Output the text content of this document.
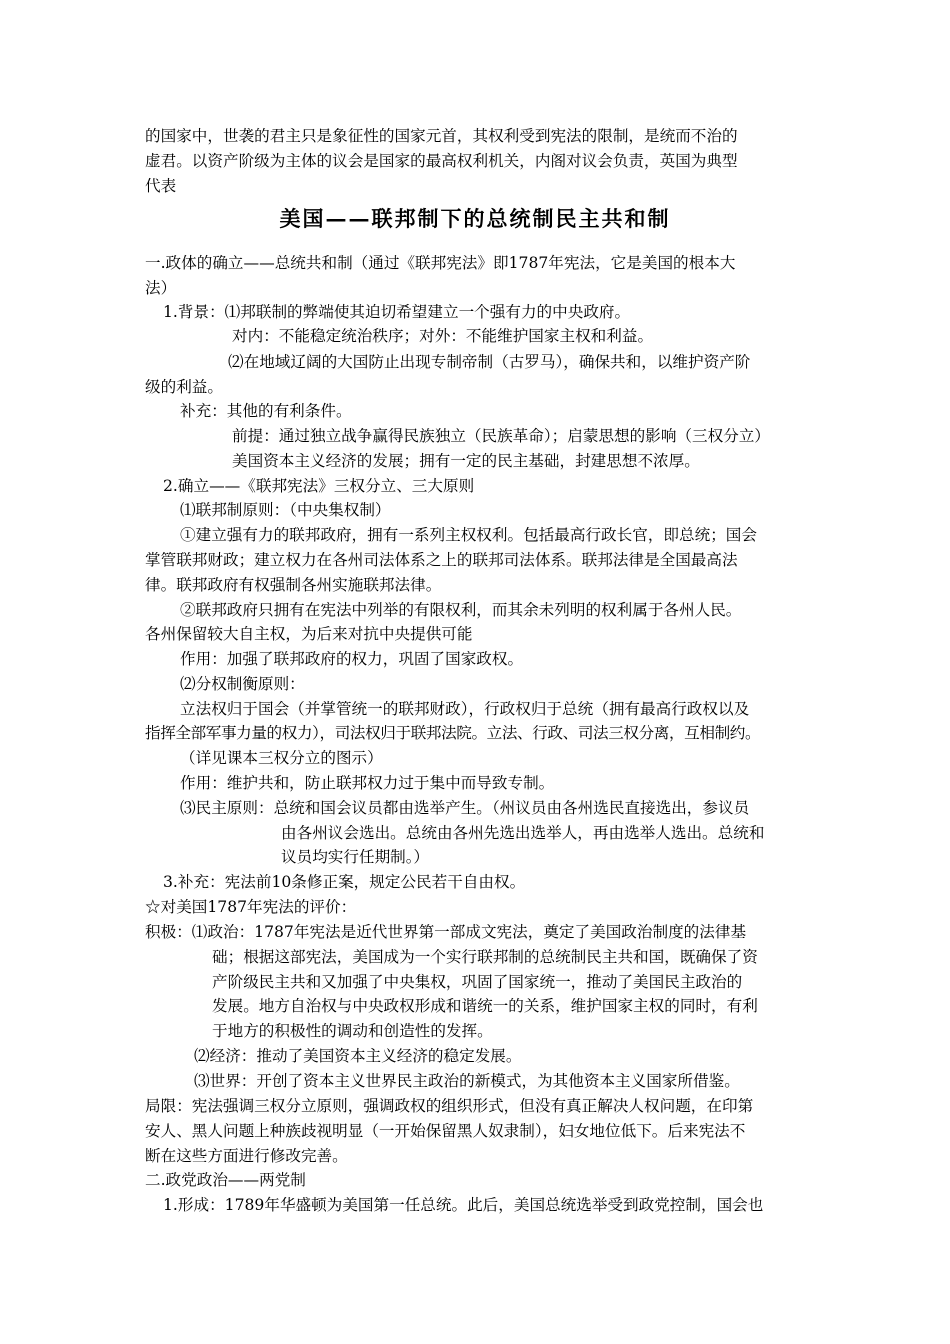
的国家中，世袭的君主只是象征性的国家元首，其权利受到宪法的限制，是统而不治的
虚君。以资产阶级为主体的议会是国家的最高权利机关，内阁对议会负责，英国为典型
代表
美国——联邦制下的总统制民主共和制
一.政体的确立——总统共和制（通过《联邦宪法》即1787年宪法，它是美国的根本大
法）
1.背景：⑴邦联制的弊端使其迫切希望建立一个强有力的中央政府。
对内：不能稳定统治秩序；对外：不能维护国家主权和利益。
⑵在地域辽阔的大国防止出现专制帝制（古罗马），确保共和，以维护资产阶
级的利益。
补充：其他的有利条件。
前提：通过独立战争赢得民族独立（民族革命）；启蒙思想的影响（三权分立）
美国资本主义经济的发展；拥有一定的民主基础，封建思想不浓厚。
2.确立——《联邦宪法》三权分立、三大原则
⑴联邦制原则：（中央集权制）
①建立强有力的联邦政府，拥有一系列主权权利。包括最高行政长官，即总统；国会
掌管联邦财政；建立权力在各州司法体系之上的联邦司法体系。联邦法律是全国最高法
律。联邦政府有权强制各州实施联邦法律。
②联邦政府只拥有在宪法中列举的有限权利，而其余未列明的权利属于各州人民。
各州保留较大自主权，为后来对抗中央提供可能
作用：加强了联邦政府的权力，巩固了国家政权。
⑵分权制衡原则：
立法权归于国会（并掌管统一的联邦财政），行政权归于总统（拥有最高行政权以及
指挥全部军事力量的权力），司法权归于联邦法院。立法、行政、司法三权分离，互相制约。
（详见课本三权分立的图示）
作用：维护共和，防止联邦权力过于集中而导致专制。
⑶民主原则：总统和国会议员都由选举产生。（州议员由各州选民直接选出，参议员
由各州议会选出。总统由各州先选出选举人，再由选举人选出。总统和
议员均实行任期制。）
3.补充：宪法前10条修正案，规定公民若干自由权。
☆对美国1787年宪法的评价：
积极：⑴政治：1787年宪法是近代世界第一部成文宪法，奠定了美国政治制度的法律基
础；根据这部宪法，美国成为一个实行联邦制的总统制民主共和国，既确保了资
产阶级民主共和又加强了中央集权，巩固了国家统一，推动了美国民主政治的
发展。地方自治权与中央政权形成和谐统一的关系，维护国家主权的同时，有利
于地方的积极性的调动和创造性的发挥。
⑵经济：推动了美国资本主义经济的稳定发展。
⑶世界：开创了资本主义世界民主政治的新模式，为其他资本主义国家所借鉴。
局限：宪法强调三权分立原则，强调政权的组织形式，但没有真正解决人权问题，在印第
安人、黑人问题上种族歧视明显（一开始保留黑人奴隶制），妇女地位低下。后来宪法不
断在这些方面进行修改完善。
二.政党政治——两党制
1.形成：1789年华盛顿为美国第一任总统。此后，美国总统选举受到政党控制，国会也
